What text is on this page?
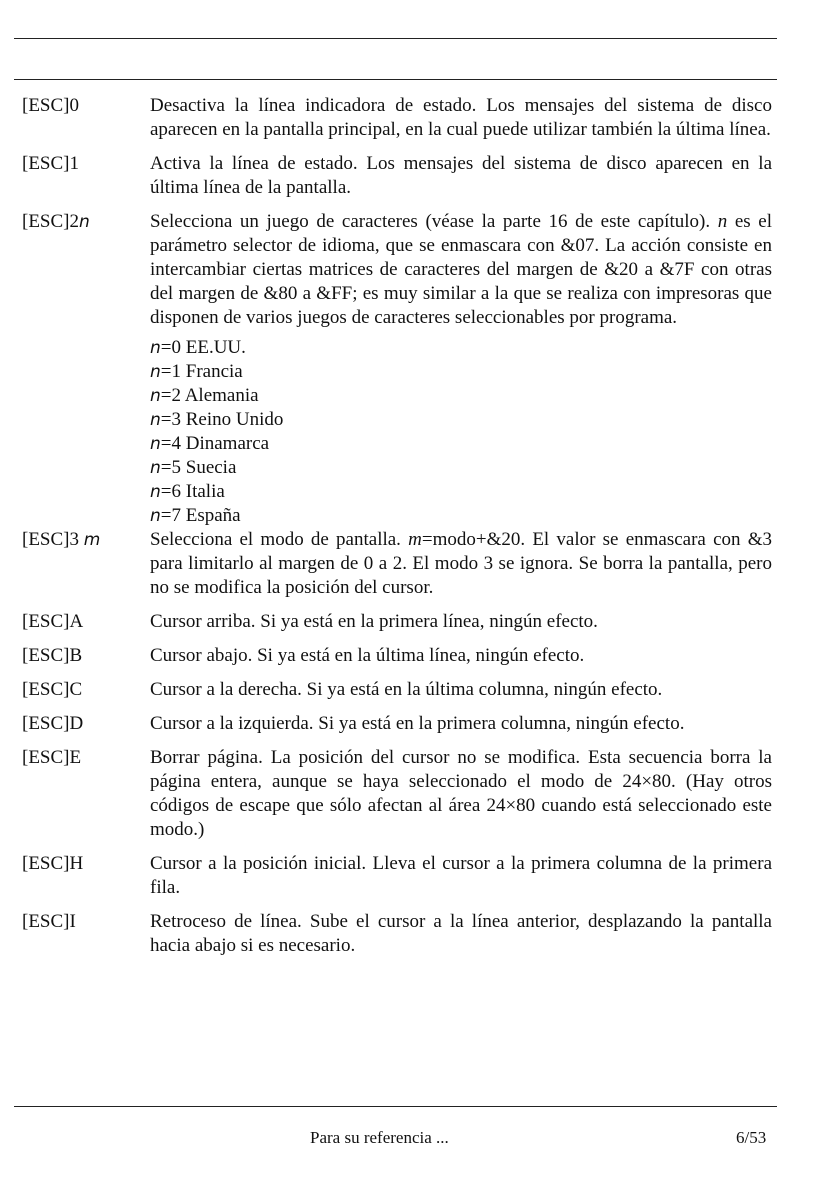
[ESC]0	Desactiva la línea indicadora de estado. Los mensajes del sistema de disco aparecen en la pantalla principal, en la cual puede utilizar también la última línea.
[ESC]1	Activa la línea de estado. Los mensajes del sistema de disco aparecen en la última línea de la pantalla.
[ESC]2n	Selecciona un juego de caracteres (véase la parte 16 de este capítulo). n es el parámetro selector de idioma, que se enmascara con &07. La acción consiste en intercambiar ciertas matrices de caracteres del margen de &20 a &7F con otras del margen de &80 a &FF; es muy similar a la que se realiza con impresoras que disponen de varios juegos de caracteres seleccionables por programa.
n=0 EE.UU.
n=1 Francia
n=2 Alemania
n=3 Reino Unido
n=4 Dinamarca
n=5 Suecia
n=6 Italia
n=7 España
[ESC]3 m	Selecciona el modo de pantalla. m=modo+&20. El valor se enmascara con &3 para limitarlo al margen de 0 a 2. El modo 3 se ignora. Se borra la pantalla, pero no se modifica la posición del cursor.
[ESC]A	Cursor arriba. Si ya está en la primera línea, ningún efecto.
[ESC]B	Cursor abajo. Si ya está en la última línea, ningún efecto.
[ESC]C	Cursor a la derecha. Si ya está en la última columna, ningún efecto.
[ESC]D	Cursor a la izquierda. Si ya está en la primera columna, ningún efecto.
[ESC]E	Borrar página. La posición del cursor no se modifica. Esta secuencia borra la página entera, aunque se haya seleccionado el modo de 24×80. (Hay otros códigos de escape que sólo afectan al área 24×80 cuando está seleccionado este modo.)
[ESC]H	Cursor a la posición inicial. Lleva el cursor a la primera columna de la primera fila.
[ESC]I	Retroceso de línea. Sube el cursor a la línea anterior, desplazando la pantalla hacia abajo si es necesario.
Para su referencia ...	6/53
